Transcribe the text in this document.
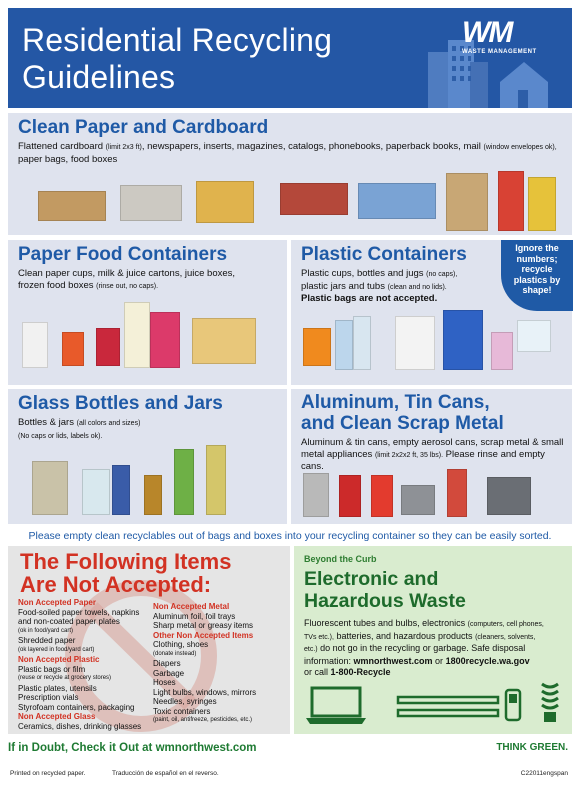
Residential Recycling
Guidelines
WM
WASTE MANAGEMENT
Clean Paper and Cardboard
Flattened cardboard (limit 2x3 ft), newspapers, inserts, magazines, catalogs, phonebooks, paperback books, mail (window envelopes ok),
paper bags, food boxes
Paper Food Containers
Clean paper cups, milk & juice cartons, juice boxes,
frozen food boxes (rinse out, no caps).
Plastic Containers
Plastic cups, bottles and jugs (no caps),
plastic jars and tubs (clean and no lids).
Plastic bags are not accepted.
Ignore the
numbers;
recycle
plastics by
shape!
Glass Bottles and Jars
Bottles & jars (all colors and sizes)
(No caps or lids, labels ok).
Aluminum, Tin Cans,
and Clean Scrap Metal
Aluminum & tin cans, empty aerosol cans, scrap metal & small
metal appliances (limit 2x2x2 ft, 35 lbs). Please rinse and empty cans.
Please empty clean recyclables out of bags and boxes into your recycling container so they can be easily sorted.
The Following Items
Are Not Accepted:
Non Accepted Paper
Food-soiled paper towels, napkins
and non-coated paper plates
(ok in food/yard cart)
Shredded paper
(ok layered in food/yard cart)
Non Accepted Plastic
Plastic bags or film
(reuse or recycle at grocery stores)
Plastic plates, utensils
Prescription vials
Styrofoam containers, packaging
Non Accepted Glass
Ceramics, dishes, drinking glasses
Non Accepted Metal
Aluminum foil, foil trays
Sharp metal or greasy items
Other Non Accepted Items
Clothing, shoes
(donate instead)
Diapers
Garbage
Hoses
Light bulbs, windows, mirrors
Needles, syringes
Toxic containers
(paint, oil, antifreeze, pesticides, etc.)
Beyond the Curb
Electronic and
Hazardous Waste
Fluorescent tubes and bulbs, electronics (computers, cell phones,
TVs etc.), batteries, and hazardous products (cleaners, solvents,
etc.) do not go in the recycling or garbage. Safe disposal
information: wmnorthwest.com or 1800recycle.wa.gov
or call 1-800-Recycle
If in Doubt, Check it Out at wmnorthwest.com	THINK GREEN.
Printed on recycled paper.	Traducción de español en el reverso.	C22011engspan
